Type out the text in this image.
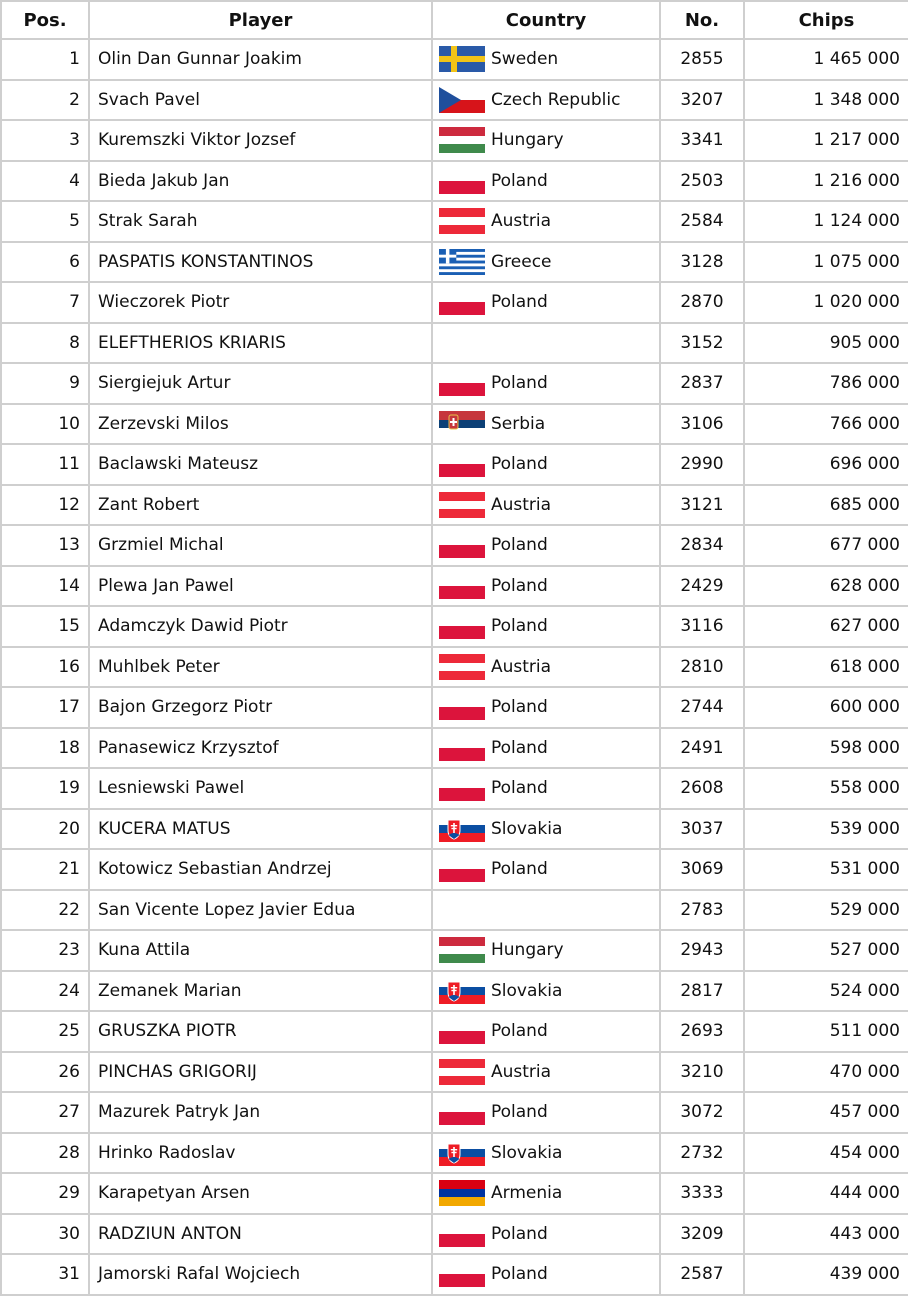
Pos.	Player	Country	No.	Chips
1	Olin Dan Gunnar Joakim	Sweden	2855	1 465 000
2	Svach Pavel	Czech Republic	3207	1 348 000
3	Kuremszki Viktor Jozsef	Hungary	3341	1 217 000
4	Bieda Jakub Jan	Poland	2503	1 216 000
5	Strak Sarah	Austria	2584	1 124 000
6	PASPATIS KONSTANTINOS	Greece	3128	1 075 000
7	Wieczorek Piotr	Poland	2870	1 020 000
8	ELEFTHERIOS KRIARIS		3152	905 000
9	Siergiejuk Artur	Poland	2837	786 000
10	Zerzevski Milos	Serbia	3106	766 000
11	Baclawski Mateusz	Poland	2990	696 000
12	Zant Robert	Austria	3121	685 000
13	Grzmiel Michal	Poland	2834	677 000
14	Plewa Jan Pawel	Poland	2429	628 000
15	Adamczyk Dawid Piotr	Poland	3116	627 000
16	Muhlbek Peter	Austria	2810	618 000
17	Bajon Grzegorz Piotr	Poland	2744	600 000
18	Panasewicz Krzysztof	Poland	2491	598 000
19	Lesniewski Pawel	Poland	2608	558 000
20	KUCERA MATUS	Slovakia	3037	539 000
21	Kotowicz Sebastian Andrzej	Poland	3069	531 000
22	San Vicente Lopez Javier Edua		2783	529 000
23	Kuna Attila	Hungary	2943	527 000
24	Zemanek Marian	Slovakia	2817	524 000
25	GRUSZKA PIOTR	Poland	2693	511 000
26	PINCHAS GRIGORIJ	Austria	3210	470 000
27	Mazurek Patryk Jan	Poland	3072	457 000
28	Hrinko Radoslav	Slovakia	2732	454 000
29	Karapetyan Arsen	Armenia	3333	444 000
30	RADZIUN ANTON	Poland	3209	443 000
31	Jamorski Rafal Wojciech	Poland	2587	439 000
